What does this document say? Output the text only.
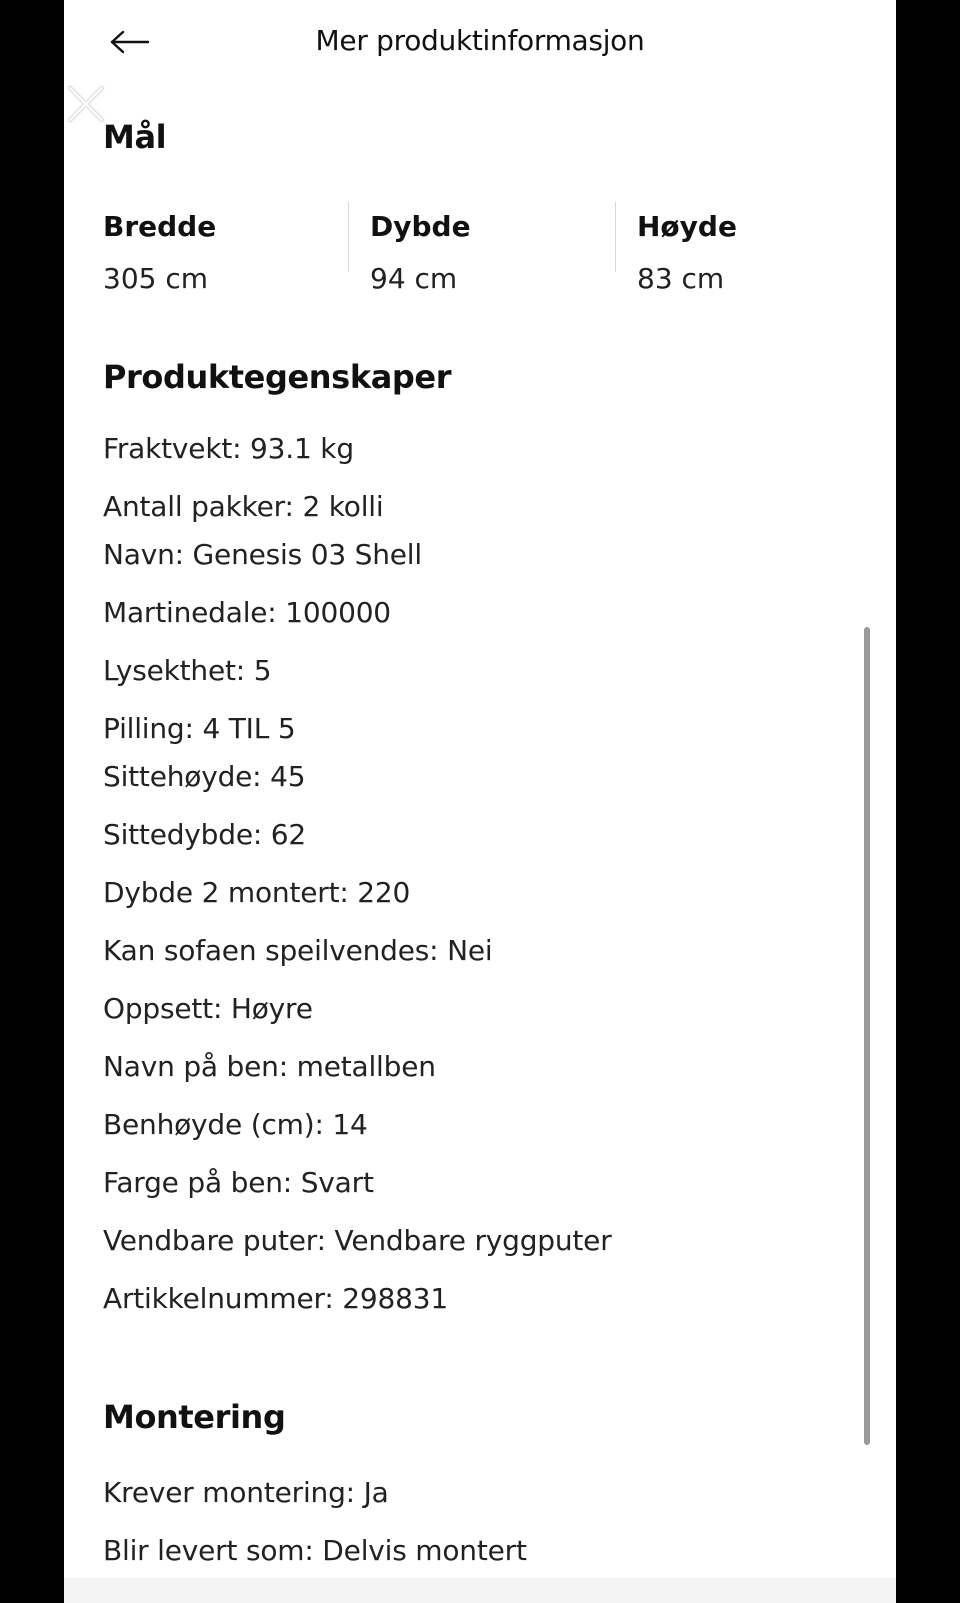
Mer produktinformasjon
Mål
Bredde
305 cm
Dybde
94 cm
Høyde
83 cm
Produktegenskaper
Fraktvekt: 93.1 kg
Antall pakker: 2 kolli
Navn: Genesis 03 Shell
Martinedale: 100000
Lysekthet: 5
Pilling: 4 TIL 5
Sittehøyde: 45
Sittedybde: 62
Dybde 2 montert: 220
Kan sofaen speilvendes: Nei
Oppsett: Høyre
Navn på ben: metallben
Benhøyde (cm): 14
Farge på ben: Svart
Vendbare puter: Vendbare ryggputer
Artikkelnummer: 298831
Montering
Krever montering: Ja
Blir levert som: Delvis montert
